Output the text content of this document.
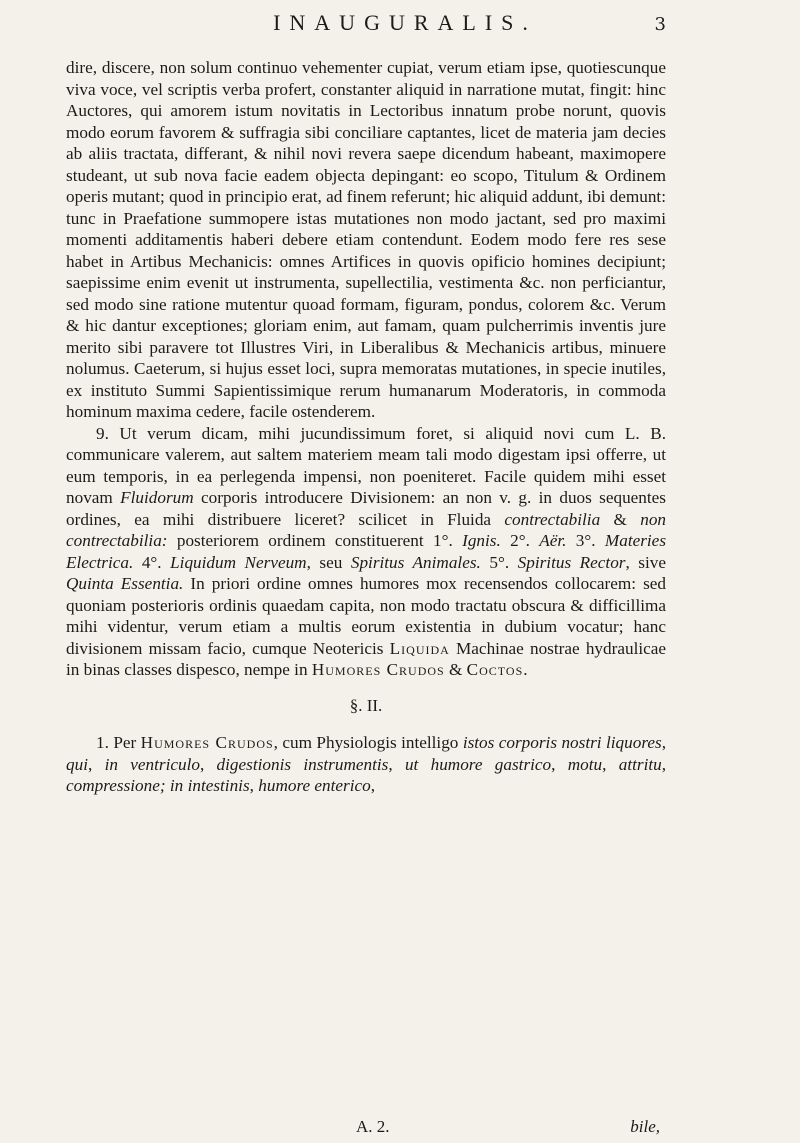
INAUGURALIS.	3

dire, discere, non solum continuo vehementer cupiat, verum etiam ipse, quotiescunque viva voce, vel scriptis verba profert, constanter aliquid in narratione mutat, fingit: hinc Auctores, qui amorem istum novitatis in Lectoribus innatum probe norunt, quovis modo eorum favorem & suffragia sibi conciliare captantes, licet de materia jam decies ab aliis tractata, differant, & nihil novi revera saepe dicendum habeant, maximopere studeant, ut sub nova facie eadem objecta depingant: eo scopo, Titulum & Ordinem operis mutant; quod in principio erat, ad finem referunt; hic aliquid addunt, ibi demunt: tunc in Praefatione summopere istas mutationes non modo jactant, sed pro maximi momenti additamentis haberi debere etiam contendunt. Eodem modo fere res sese habet in Artibus Mechanicis: omnes Artifices in quovis opificio homines decipiunt; saepissime enim evenit ut instrumenta, supellectilia, vestimenta &c. non perficiantur, sed modo sine ratione mutentur quoad formam, figuram, pondus, colorem &c. Verum & hic dantur exceptiones; gloriam enim, aut famam, quam pulcherrimis inventis jure merito sibi paravere tot Illustres Viri, in Liberalibus & Mechanicis artibus, minuere nolumus. Caeterum, si hujus esset loci, supra memoratas mutationes, in specie inutiles, ex instituto Summi Sapientissimique rerum humanarum Moderatoris, in commoda hominum maxima cedere, facile ostenderem.

9. Ut verum dicam, mihi jucundissimum foret, si aliquid novi cum L. B. communicare valerem, aut saltem materiem meam tali modo digestam ipsi offerre, ut eum temporis, in ea perlegenda impensi, non poeniteret. Facile quidem mihi esset novam Fluidorum corporis introducere Divisionem: an non v. g. in duos sequentes ordines, ea mihi distribuere liceret? scilicet in Fluida contrectabilia & non contrectabilia: posteriorem ordinem constituerent 1°. Ignis. 2°. Aër. 3°. Materies Electrica. 4°. Liquidum Nerveum, seu Spiritus Animales. 5°. Spiritus Rector, sive Quinta Essentia. In priori ordine omnes humores mox recensendos collocarem: sed quoniam posterioris ordinis quaedam capita, non modo tractatu obscura & difficillima mihi videntur, verum etiam a multis eorum existentia in dubium vocatur; hanc divisionem missam facio, cumque Neotericis Liquida Machinae nostrae hydraulicae in binas classes dispesco, nempe in Humores Crudos & Coctos.

§. II.

1. Per Humores Crudos, cum Physiologis intelligo istos corporis nostri liquores, qui, in ventriculo, digestionis instrumentis, ut humore gastrico, motu, attritu, compressione; in intestinis, humore enterico,

A. 2.	bile,
